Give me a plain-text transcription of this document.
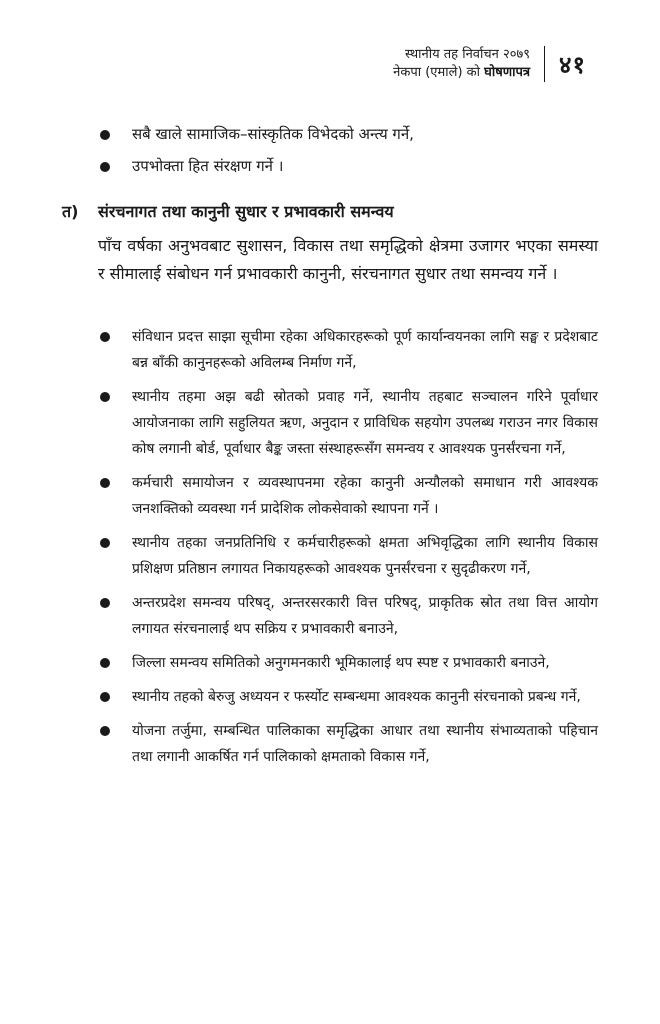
स्थानीय तह निर्वाचन २०७९
नेकपा (एमाले) को घोषणापत्र ४१
सबै खाले सामाजिक–सांस्कृतिक विभेदको अन्त्य गर्ने,
उपभोक्ता हित संरक्षण गर्ने ।
त) संरचनागत तथा कानुनी सुधार र प्रभावकारी समन्वय
पाँच वर्षका अनुभवबाट सुशासन, विकास तथा समृद्धिको क्षेत्रमा उजागर भएका समस्या र सीमालाई संबोधन गर्न प्रभावकारी कानुनी, संरचनागत सुधार तथा समन्वय गर्ने ।
संविधान प्रदत्त साझा सूचीमा रहेका अधिकारहरूको पूर्ण कार्यान्वयनका लागि सङ्घ र प्रदेशबाट बन्न बाँकी कानुनहरूको अविलम्ब निर्माण गर्ने,
स्थानीय तहमा अझ बढी स्रोतको प्रवाह गर्ने, स्थानीय तहबाट सञ्चालन गरिने पूर्वाधार आयोजनाका लागि सहुलियत ऋण, अनुदान र प्राविधिक सहयोग उपलब्ध गराउन नगर विकास कोष लगानी बोर्ड, पूर्वाधार बैङ्क जस्ता संस्थाहरूसँग समन्वय र आवश्यक पुनर्संरचना गर्ने,
कर्मचारी समायोजन र व्यवस्थापनमा रहेका कानुनी अन्यौलको समाधान गरी आवश्यक जनशक्तिको व्यवस्था गर्न प्रादेशिक लोकसेवाको स्थापना गर्ने ।
स्थानीय तहका जनप्रतिनिधि र कर्मचारीहरूको क्षमता अभिवृद्धिका लागि स्थानीय विकास प्रशिक्षण प्रतिष्ठान लगायत निकायहरूको आवश्यक पुनर्संरचना र सुदृढीकरण गर्ने,
अन्तरप्रदेश समन्वय परिषद्, अन्तरसरकारी वित्त परिषद्, प्राकृतिक स्रोत तथा वित्त आयोग लगायत संरचनालाई थप सक्रिय र प्रभावकारी बनाउने,
जिल्ला समन्वय समितिको अनुगमनकारी भूमिकालाई थप स्पष्ट र प्रभावकारी बनाउने,
स्थानीय तहको बेरुजु अध्ययन र फर्स्योट सम्बन्धमा आवश्यक कानुनी संरचनाको प्रबन्ध गर्ने,
योजना तर्जुमा, सम्बन्धित पालिकाका समृद्धिका आधार तथा स्थानीय संभाव्यताको पहिचान तथा लगानी आकर्षित गर्न पालिकाको क्षमताको विकास गर्ने,
